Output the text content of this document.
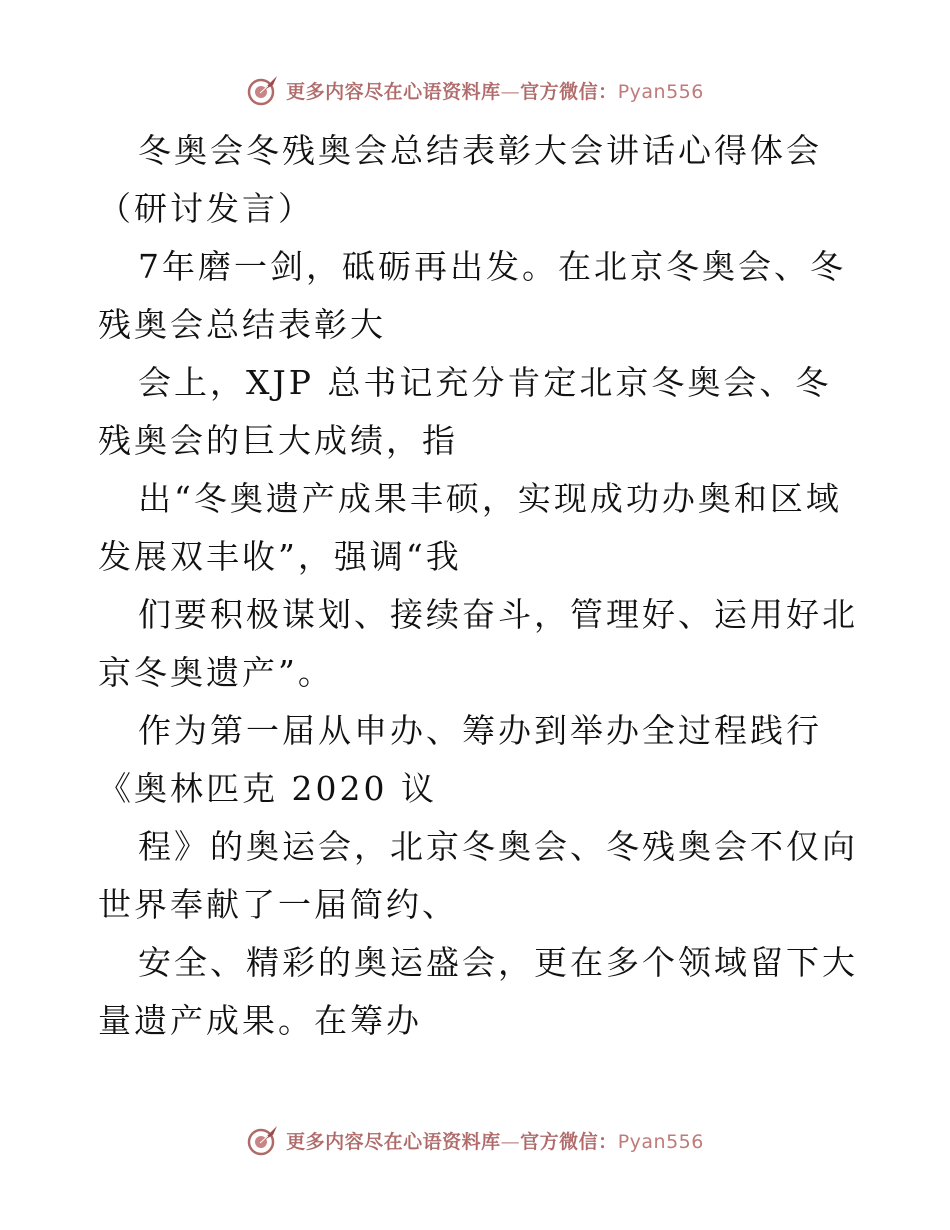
更多内容尽在心语资料库—官方微信：Pyan556

冬奥会冬残奥会总结表彰大会讲话心得体会（研讨发言）

7年磨一剑，砥砺再出发。在北京冬奥会、冬残奥会总结表彰大

会上，XJP 总书记充分肯定北京冬奥会、冬残奥会的巨大成绩，指

出“冬奥遗产成果丰硕，实现成功办奥和区域发展双丰收”，强调“我

们要积极谋划、接续奋斗，管理好、运用好北京冬奥遗产”。

作为第一届从申办、筹办到举办全过程践行《奥林匹克 2020 议

程》的奥运会，北京冬奥会、冬残奥会不仅向世界奉献了一届简约、

安全、精彩的奥运盛会，更在多个领域留下大量遗产成果。在筹办

更多内容尽在心语资料库—官方微信：Pyan556
